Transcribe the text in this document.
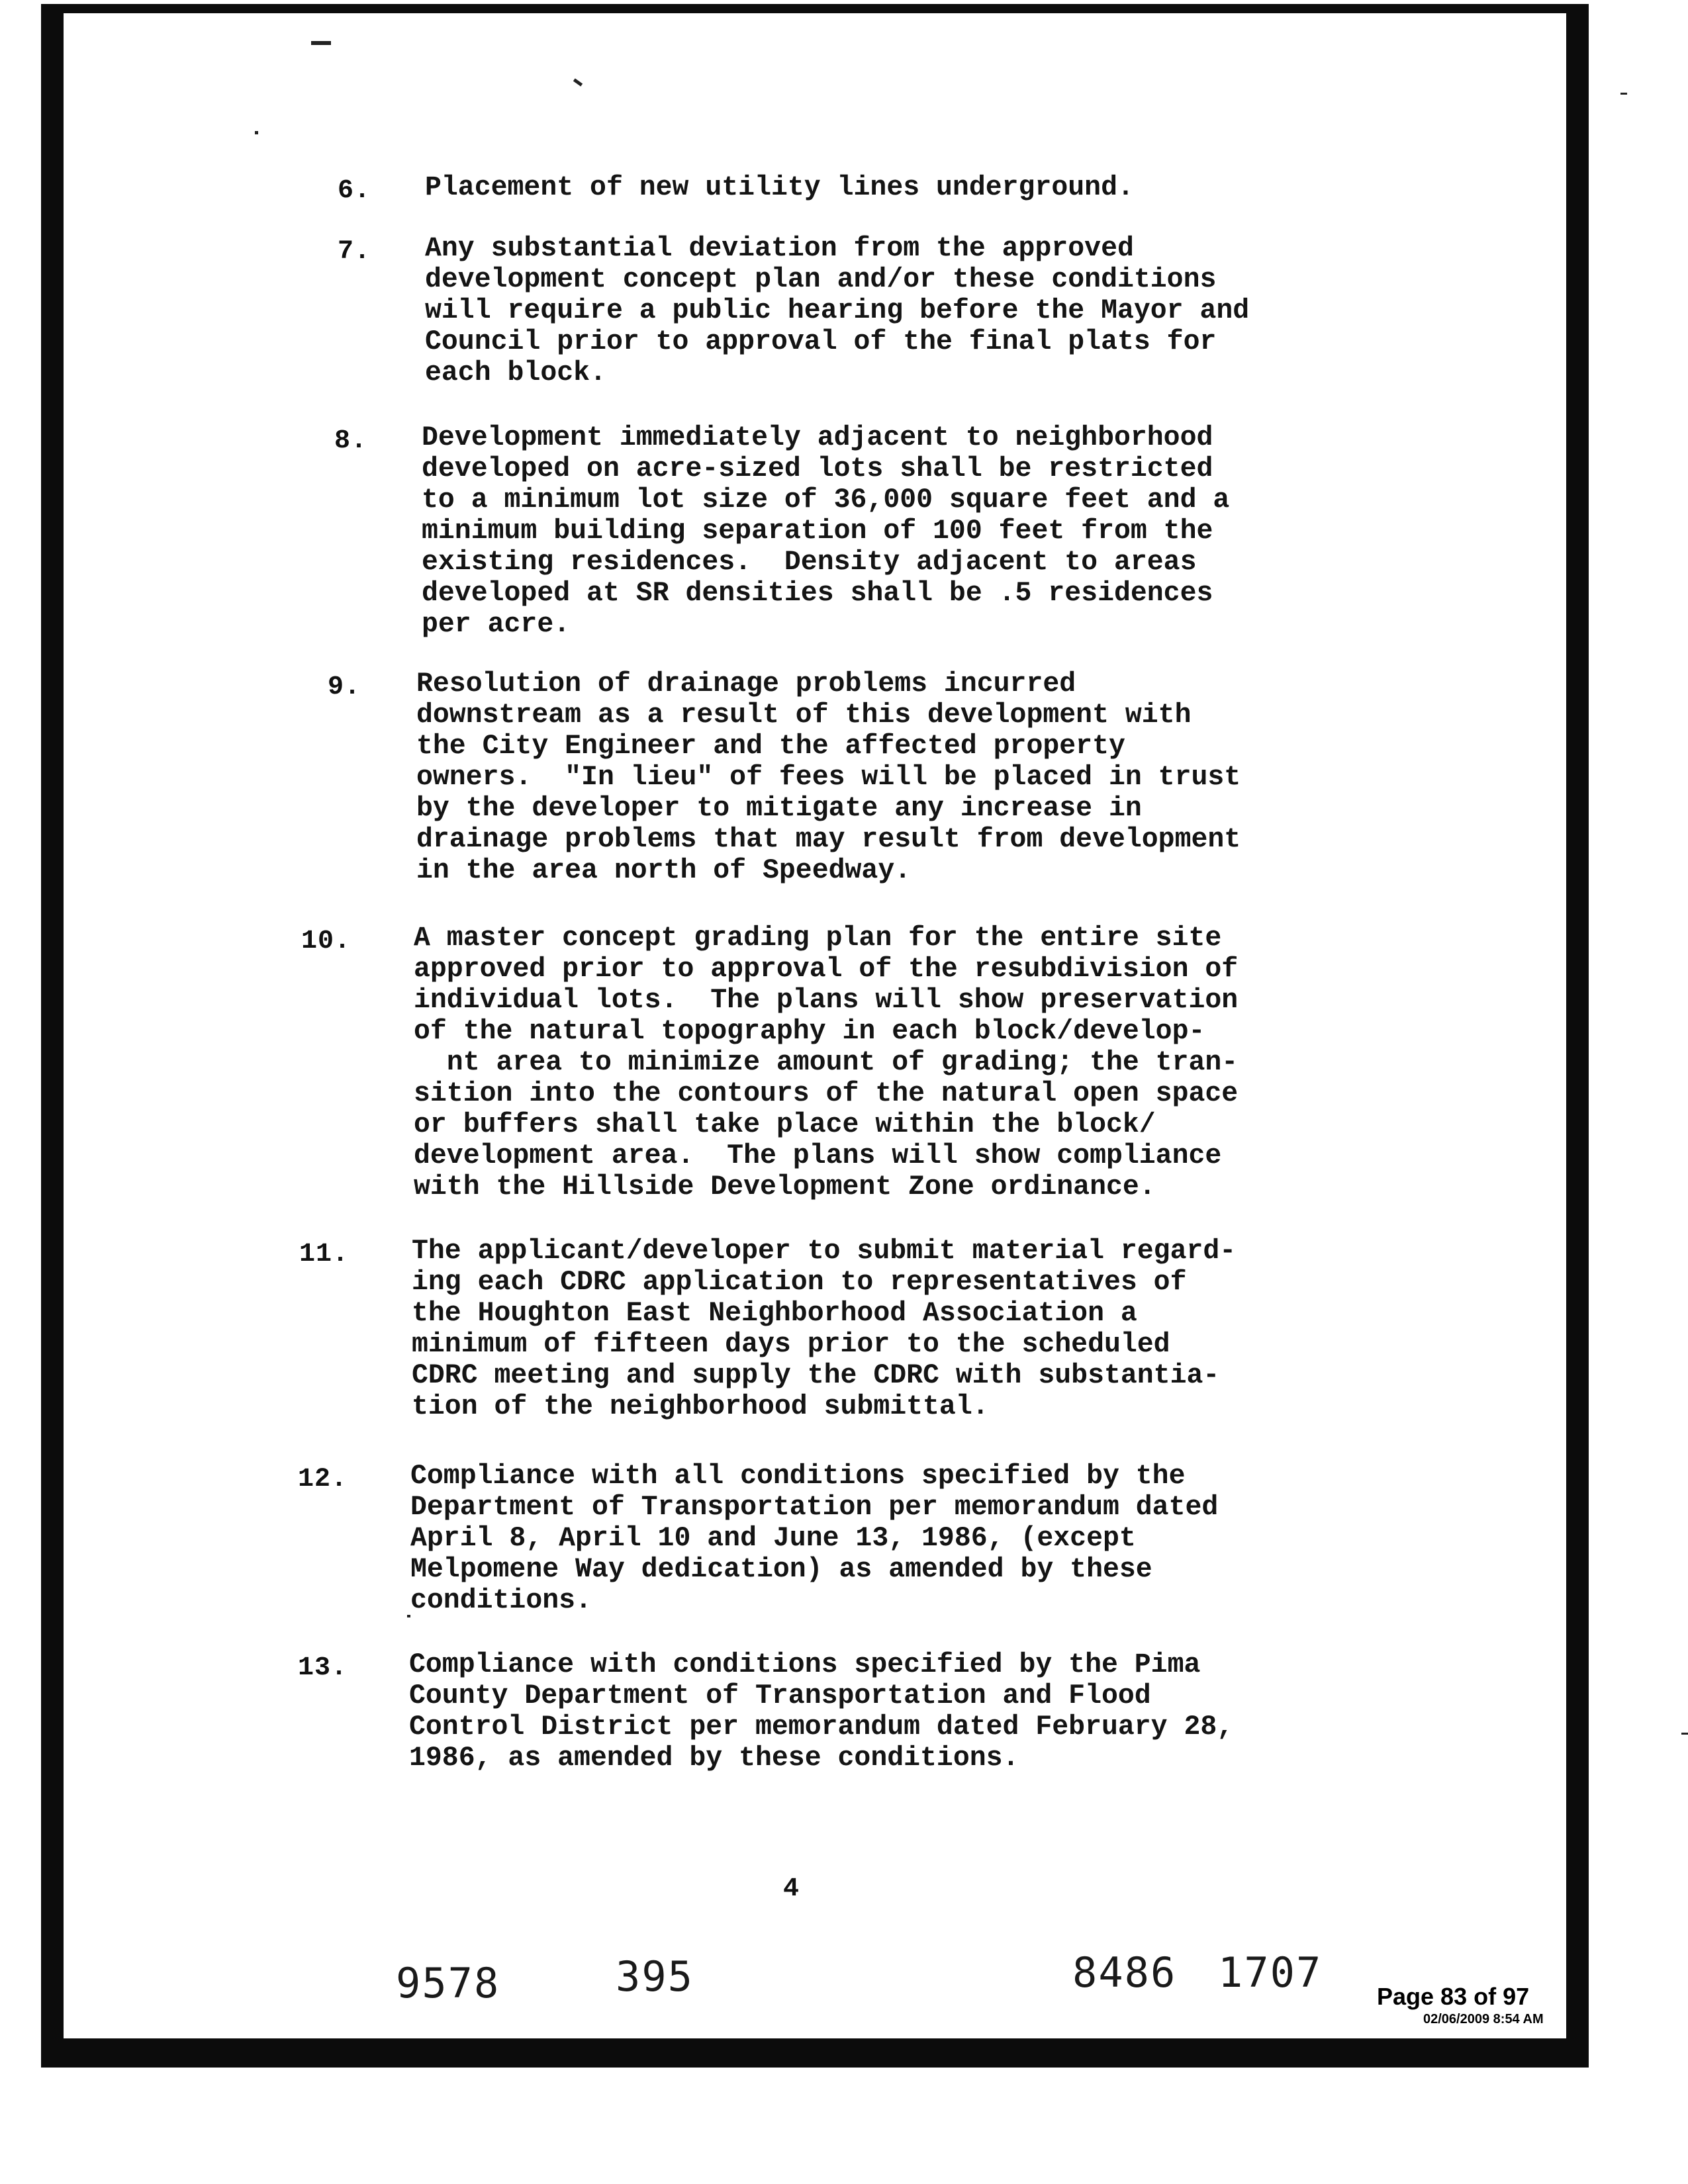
6. Placement of new utility lines underground.
7. Any substantial deviation from the approved
development concept plan and/or these conditions
will require a public hearing before the Mayor and
Council prior to approval of the final plats for
each block.
8. Development immediately adjacent to neighborhood
developed on acre-sized lots shall be restricted
to a minimum lot size of 36,000 square feet and a
minimum building separation of 100 feet from the
existing residences.  Density adjacent to areas
developed at SR densities shall be .5 residences
per acre.
9. Resolution of drainage problems incurred
downstream as a result of this development with
the City Engineer and the affected property
owners.  "In lieu" of fees will be placed in trust
by the developer to mitigate any increase in
drainage problems that may result from development
in the area north of Speedway.
10. A master concept grading plan for the entire site
approved prior to approval of the resubdivision of
individual lots.  The plans will show preservation
of the natural topography in each block/develop-
nt area to minimize amount of grading; the tran-
sition into the contours of the natural open space
or buffers shall take place within the block/
development area.  The plans will show compliance
with the Hillside Development Zone ordinance.
11. The applicant/developer to submit material regard-
ing each CDRC application to representatives of
the Houghton East Neighborhood Association a
minimum of fifteen days prior to the scheduled
CDRC meeting and supply the CDRC with substantia-
tion of the neighborhood submittal.
12. Compliance with all conditions specified by the
Department of Transportation per memorandum dated
April 8, April 10 and June 13, 1986, (except
Melpomene Way dedication) as amended by these
conditions.
13. Compliance with conditions specified by the Pima
County Department of Transportation and Flood
Control District per memorandum dated February 28,
1986, as amended by these conditions.
4
9578	395	8486 1707 Page 83 of 97
02/06/2009 8:54 AM
